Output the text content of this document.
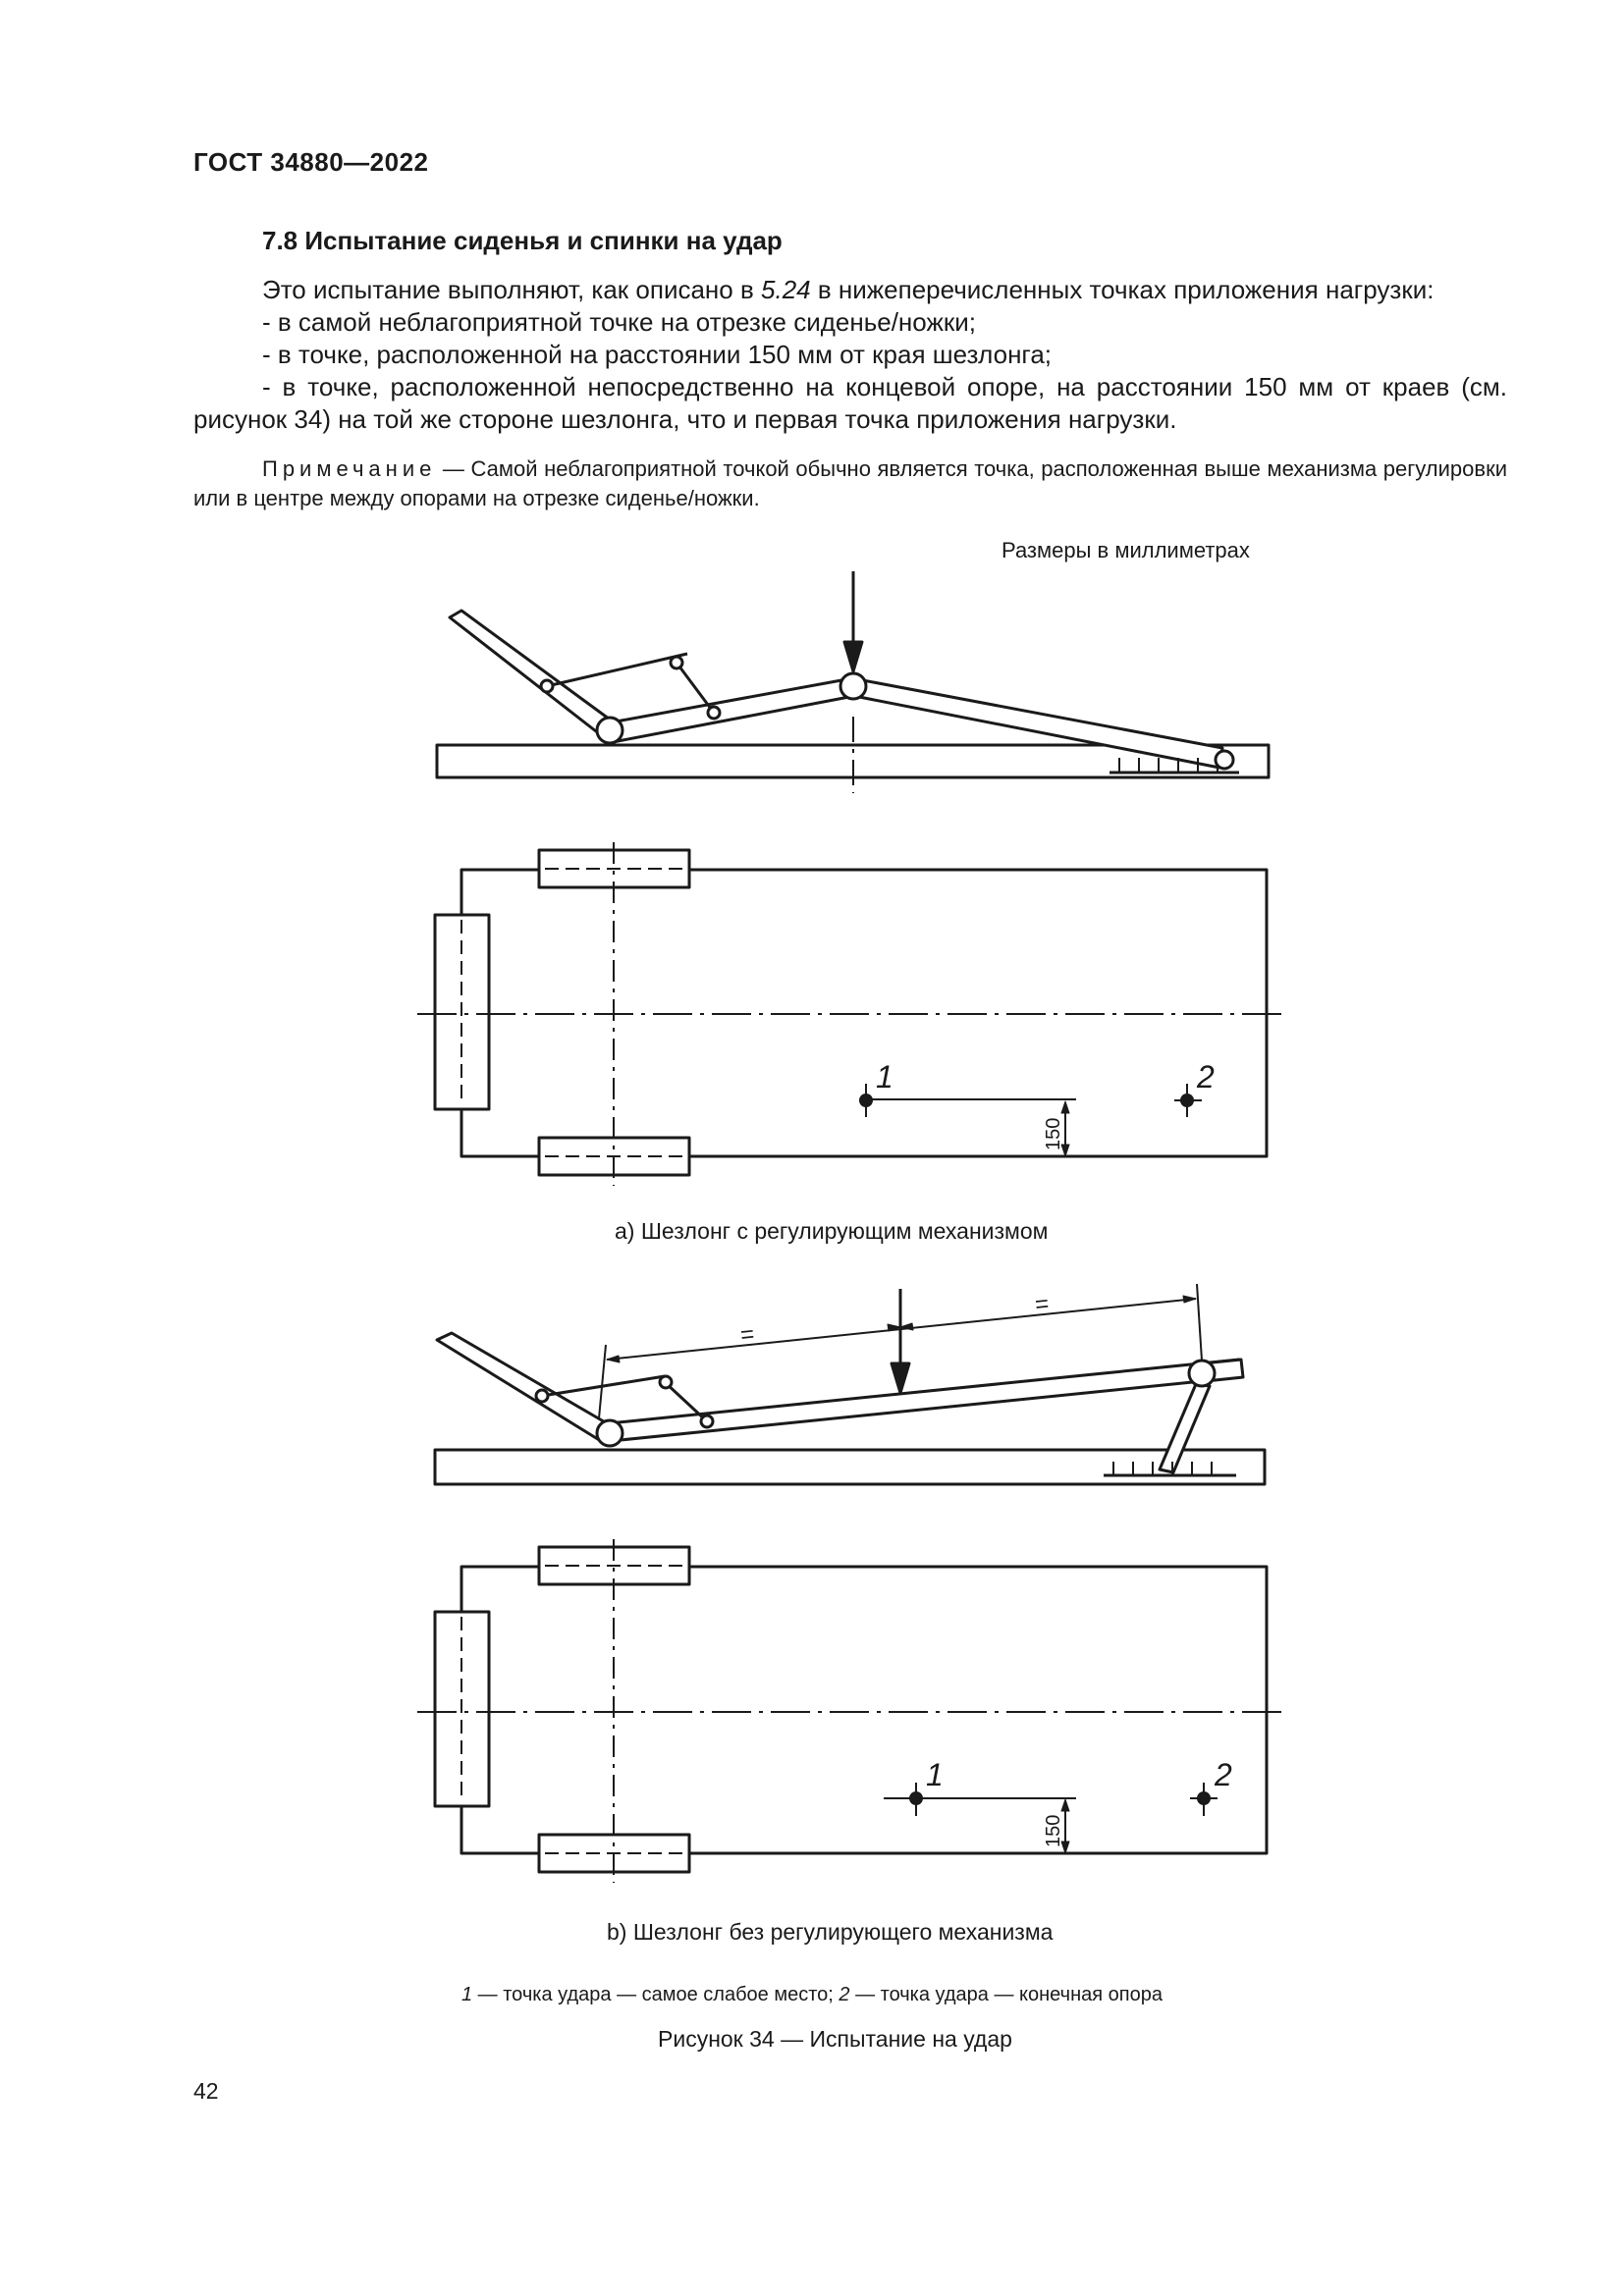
ГОСТ 34880—2022
7.8 Испытание сиденья и спинки на удар
Это испытание выполняют, как описано в 5.24 в нижеперечисленных точках приложения нагрузки:
- в самой неблагоприятной точке на отрезке сиденье/ножки;
- в точке, расположенной на расстоянии 150 мм от края шезлонга;
- в точке, расположенной непосредственно на концевой опоре, на расстоянии 150 мм от краев (см. рисунок 34) на той же стороне шезлонга, что и первая точка приложения нагрузки.
Примечание — Самой неблагоприятной точкой обычно является точка, расположенная выше механизма регулировки или в центре между опорами на отрезке сиденье/ножки.
Размеры в миллиметрах
1	2
150
1	2
150
=
=
a) Шезлонг с регулирующим механизмом
b) Шезлонг без регулирующего механизма
1 — точка удара — самое слабое место; 2 — точка удара — конечная опора
Рисунок 34 — Испытание на удар
42
